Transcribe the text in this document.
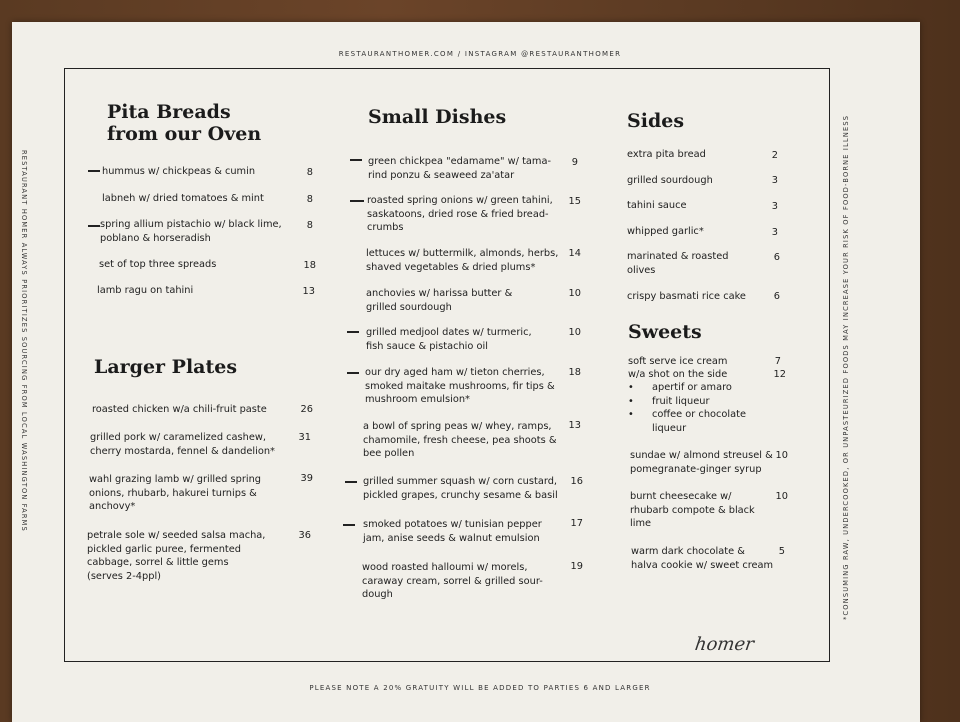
RESTAURANTHOMER.COM / INSTAGRAM @RESTAURANTHOMER
RESTAURANT HOMER ALWAYS PRIORITIZES SOURCING FROM LOCAL WASHINGTON FARMS	*CONSUMING RAW, UNDERCOOKED, OR UNPASTEURIZED FOODS MAY INCREASE YOUR RISK OF FOOD-BORNE ILLNESS
Pita Breads
from our Oven
hummus w/ chickpeas & cumin	8
labneh w/ dried tomatoes & mint	8
spring allium pistachio w/ black lime,
poblano & horseradish
8
set of top three spreads	18
lamb ragu on tahini	13
Larger Plates
roasted chicken w/a chili-fruit paste	26
grilled pork w/ caramelized cashew,
cherry mostarda, fennel & dandelion*
31
wahl grazing lamb w/ grilled spring
onions, rhubarb, hakurei turnips &
anchovy*
39
petrale sole w/ seeded salsa macha,
pickled garlic puree, fermented
cabbage, sorrel & little gems
(serves 2-4ppl)
36
Small Dishes
green chickpea "edamame" w/ tama-
rind ponzu & seaweed za'atar
9
roasted spring onions w/ green tahini,
saskatoons, dried rose & fried bread-
crumbs
15
lettuces w/ buttermilk, almonds, herbs,
shaved vegetables & dried plums*
14
anchovies w/ harissa butter &
grilled sourdough
10
grilled medjool dates w/ turmeric,
fish sauce & pistachio oil
10
our dry aged ham w/ tieton cherries,
smoked maitake mushrooms, fir tips &
mushroom emulsion*
18
a bowl of spring peas w/ whey, ramps,
chamomile, fresh cheese, pea shoots &
bee pollen
13
grilled summer squash w/ corn custard,
pickled grapes, crunchy sesame & basil
16
smoked potatoes w/ tunisian pepper
jam, anise seeds & walnut emulsion
17
wood roasted halloumi w/ morels,
caraway cream, sorrel & grilled sour-
dough
19
Sides
extra pita bread	2
grilled sourdough	3
tahini sauce	3
whipped garlic*	3
marinated & roasted
olives
6
crispy basmati rice cake	6
Sweets
soft serve ice cream	7
w/a shot on the side	12
• apertif or amaro
• fruit liqueur
• coffee or chocolate
liqueur
sundae w/ almond streusel &
pomegranate-ginger syrup
10
burnt cheesecake w/
rhubarb compote & black
lime
10
warm dark chocolate &
halva cookie w/ sweet cream
5
homer
PLEASE NOTE A 20% GRATUITY WILL BE ADDED TO PARTIES 6 AND LARGER
